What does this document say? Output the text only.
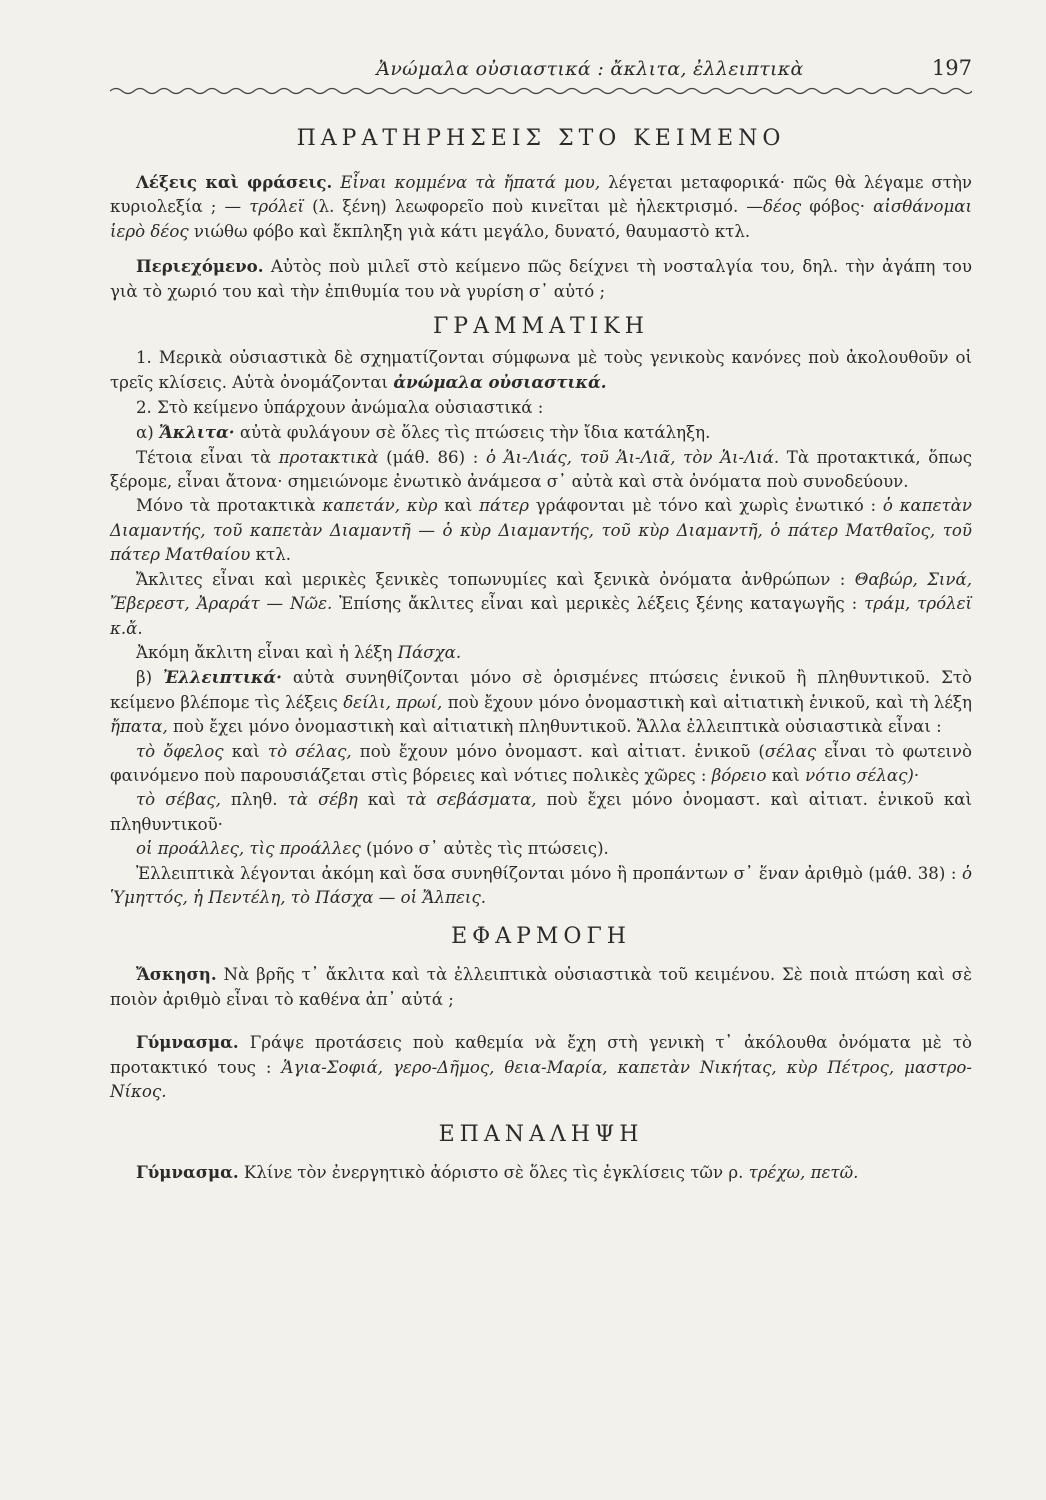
Ἀνώμαλα οὐσιαστικά : ἄκλιτα, ἐλλειπτικὰ	197
ΠΑΡΑΤΗΡΗΣΕΙΣ ΣΤΟ ΚΕΙΜΕΝΟ

Λέξεις καὶ φράσεις. Εἶναι κομμένα τὰ ἤπατά μου, λέγεται μεταφορικά· πῶς θὰ λέγαμε στὴν κυριολεξία ; — τρόλεϊ (λ. ξένη) λεωφορεῖο ποὺ κινεῖται μὲ ἠλεκτρισμό. —δέος φόβος· αἰσθάνομαι ἱερὸ δέος νιώθω φόβο καὶ ἔκπληξη γιὰ κάτι μεγάλο, δυνατό, θαυμαστὸ κτλ.

Περιεχόμενο. Αὐτὸς ποὺ μιλεῖ στὸ κείμενο πῶς δείχνει τὴ νοσταλγία του, δηλ. τὴν ἀγάπη του γιὰ τὸ χωριό του καὶ τὴν ἐπιθυμία του νὰ γυρίση σ᾽ αὐτό ;

ΓΡΑΜΜΑΤΙΚΗ

1. Μερικὰ οὐσιαστικὰ δὲ σχηματίζονται σύμφωνα μὲ τοὺς γενικοὺς κανόνες ποὺ ἀκολουθοῦν οἱ τρεῖς κλίσεις. Αὐτὰ ὀνομάζονται ἀνώμαλα οὐσιαστικά.

2. Στὸ κείμενο ὑπάρχουν ἀνώμαλα οὐσιαστικά :

α) Ἄκλιτα· αὐτὰ φυλάγουν σὲ ὅλες τὶς πτώσεις τὴν ἴδια κατάληξη.

Τέτοια εἶναι τὰ προτακτικὰ (μάθ. 86) : ὁ Ἁι-Λιάς, τοῦ Ἁι-Λιᾶ, τὸν Ἁι-Λιά. Τὰ προτακτικά, ὅπως ξέρομε, εἶναι ἄτονα· σημειώνομε ἐνωτικὸ ἀνάμεσα σ᾽ αὐτὰ καὶ στὰ ὀνόματα ποὺ συνοδεύουν.

Μόνο τὰ προτακτικὰ καπετάν, κὺρ καὶ πάτερ γράφονται μὲ τόνο καὶ χωρὶς ἐνωτικό : ὁ καπετὰν Διαμαντής, τοῦ καπετὰν Διαμαντῆ — ὁ κὺρ Διαμαντής, τοῦ κὺρ Διαμαντῆ, ὁ πάτερ Ματθαῖος, τοῦ πάτερ Ματθαίου κτλ.

Ἄκλιτες εἶναι καὶ μερικὲς ξενικὲς τοπωνυμίες καὶ ξενικὰ ὀνόματα ἀνθρώπων : Θαβώρ, Σινά, Ἔβερεστ, Ἀραράτ — Νῶε. Ἐπίσης ἄκλιτες εἶναι καὶ μερικὲς λέξεις ξένης καταγωγῆς : τράμ, τρόλεϊ κ.ἄ.

Ἀκόμη ἄκλιτη εἶναι καὶ ἡ λέξη Πάσχα.

β) Ἐλλειπτικά· αὐτὰ συνηθίζονται μόνο σὲ ὁρισμένες πτώσεις ἑνικοῦ ἢ πληθυντικοῦ. Στὸ κείμενο βλέπομε τὶς λέξεις δείλι, πρωί, ποὺ ἔχουν μόνο ὀνομαστικὴ καὶ αἰτιατικὴ ἑνικοῦ, καὶ τὴ λέξη ἤπατα, ποὺ ἔχει μόνο ὀνομαστικὴ καὶ αἰτιατικὴ πληθυντικοῦ. Ἄλλα ἐλλειπτικὰ οὐσιαστικὰ εἶναι :

τὸ ὄφελος καὶ τὸ σέλας, ποὺ ἔχουν μόνο ὀνομαστ. καὶ αἰτιατ. ἑνικοῦ (σέλας εἶναι τὸ φωτεινὸ φαινόμενο ποὺ παρουσιάζεται στὶς βόρειες καὶ νότιες πολικὲς χῶρες : βόρειο καὶ νότιο σέλας)·

τὸ σέβας, πληθ. τὰ σέβη καὶ τὰ σεβάσματα, ποὺ ἔχει μόνο ὀνομαστ. καὶ αἰτιατ. ἑνικοῦ καὶ πληθυντικοῦ·

οἱ προάλλες, τὶς προάλλες (μόνο σ᾽ αὐτὲς τὶς πτώσεις).

Ἐλλειπτικὰ λέγονται ἀκόμη καὶ ὅσα συνηθίζονται μόνο ἢ προπάντων σ᾽ ἕναν ἀριθμὸ (μάθ. 38) : ὁ Ὑμηττός, ἡ Πεντέλη, τὸ Πάσχα — οἱ Ἄλπεις.

ΕΦΑΡΜΟΓΗ

Ἄσκηση. Νὰ βρῆς τ᾽ ἄκλιτα καὶ τὰ ἐλλειπτικὰ οὐσιαστικὰ τοῦ κειμένου. Σὲ ποιὰ πτώση καὶ σὲ ποιὸν ἀριθμὸ εἶναι τὸ καθένα ἀπ᾽ αὐτά ;

Γύμνασμα. Γράψε προτάσεις ποὺ καθεμία νὰ ἔχη στὴ γενικὴ τ᾽ ἀκόλουθα ὀνόματα μὲ τὸ προτακτικό τους : Ἁγια-Σοφιά, γερο-Δῆμος, θεια-Μαρία, καπετὰν Νικήτας, κὺρ Πέτρος, μαστρο-Νίκος.

ΕΠΑΝΑΛΗΨΗ

Γύμνασμα. Κλίνε τὸν ἐνεργητικὸ ἀόριστο σὲ ὅλες τὶς ἐγκλίσεις τῶν ρ. τρέχω, πετῶ.
